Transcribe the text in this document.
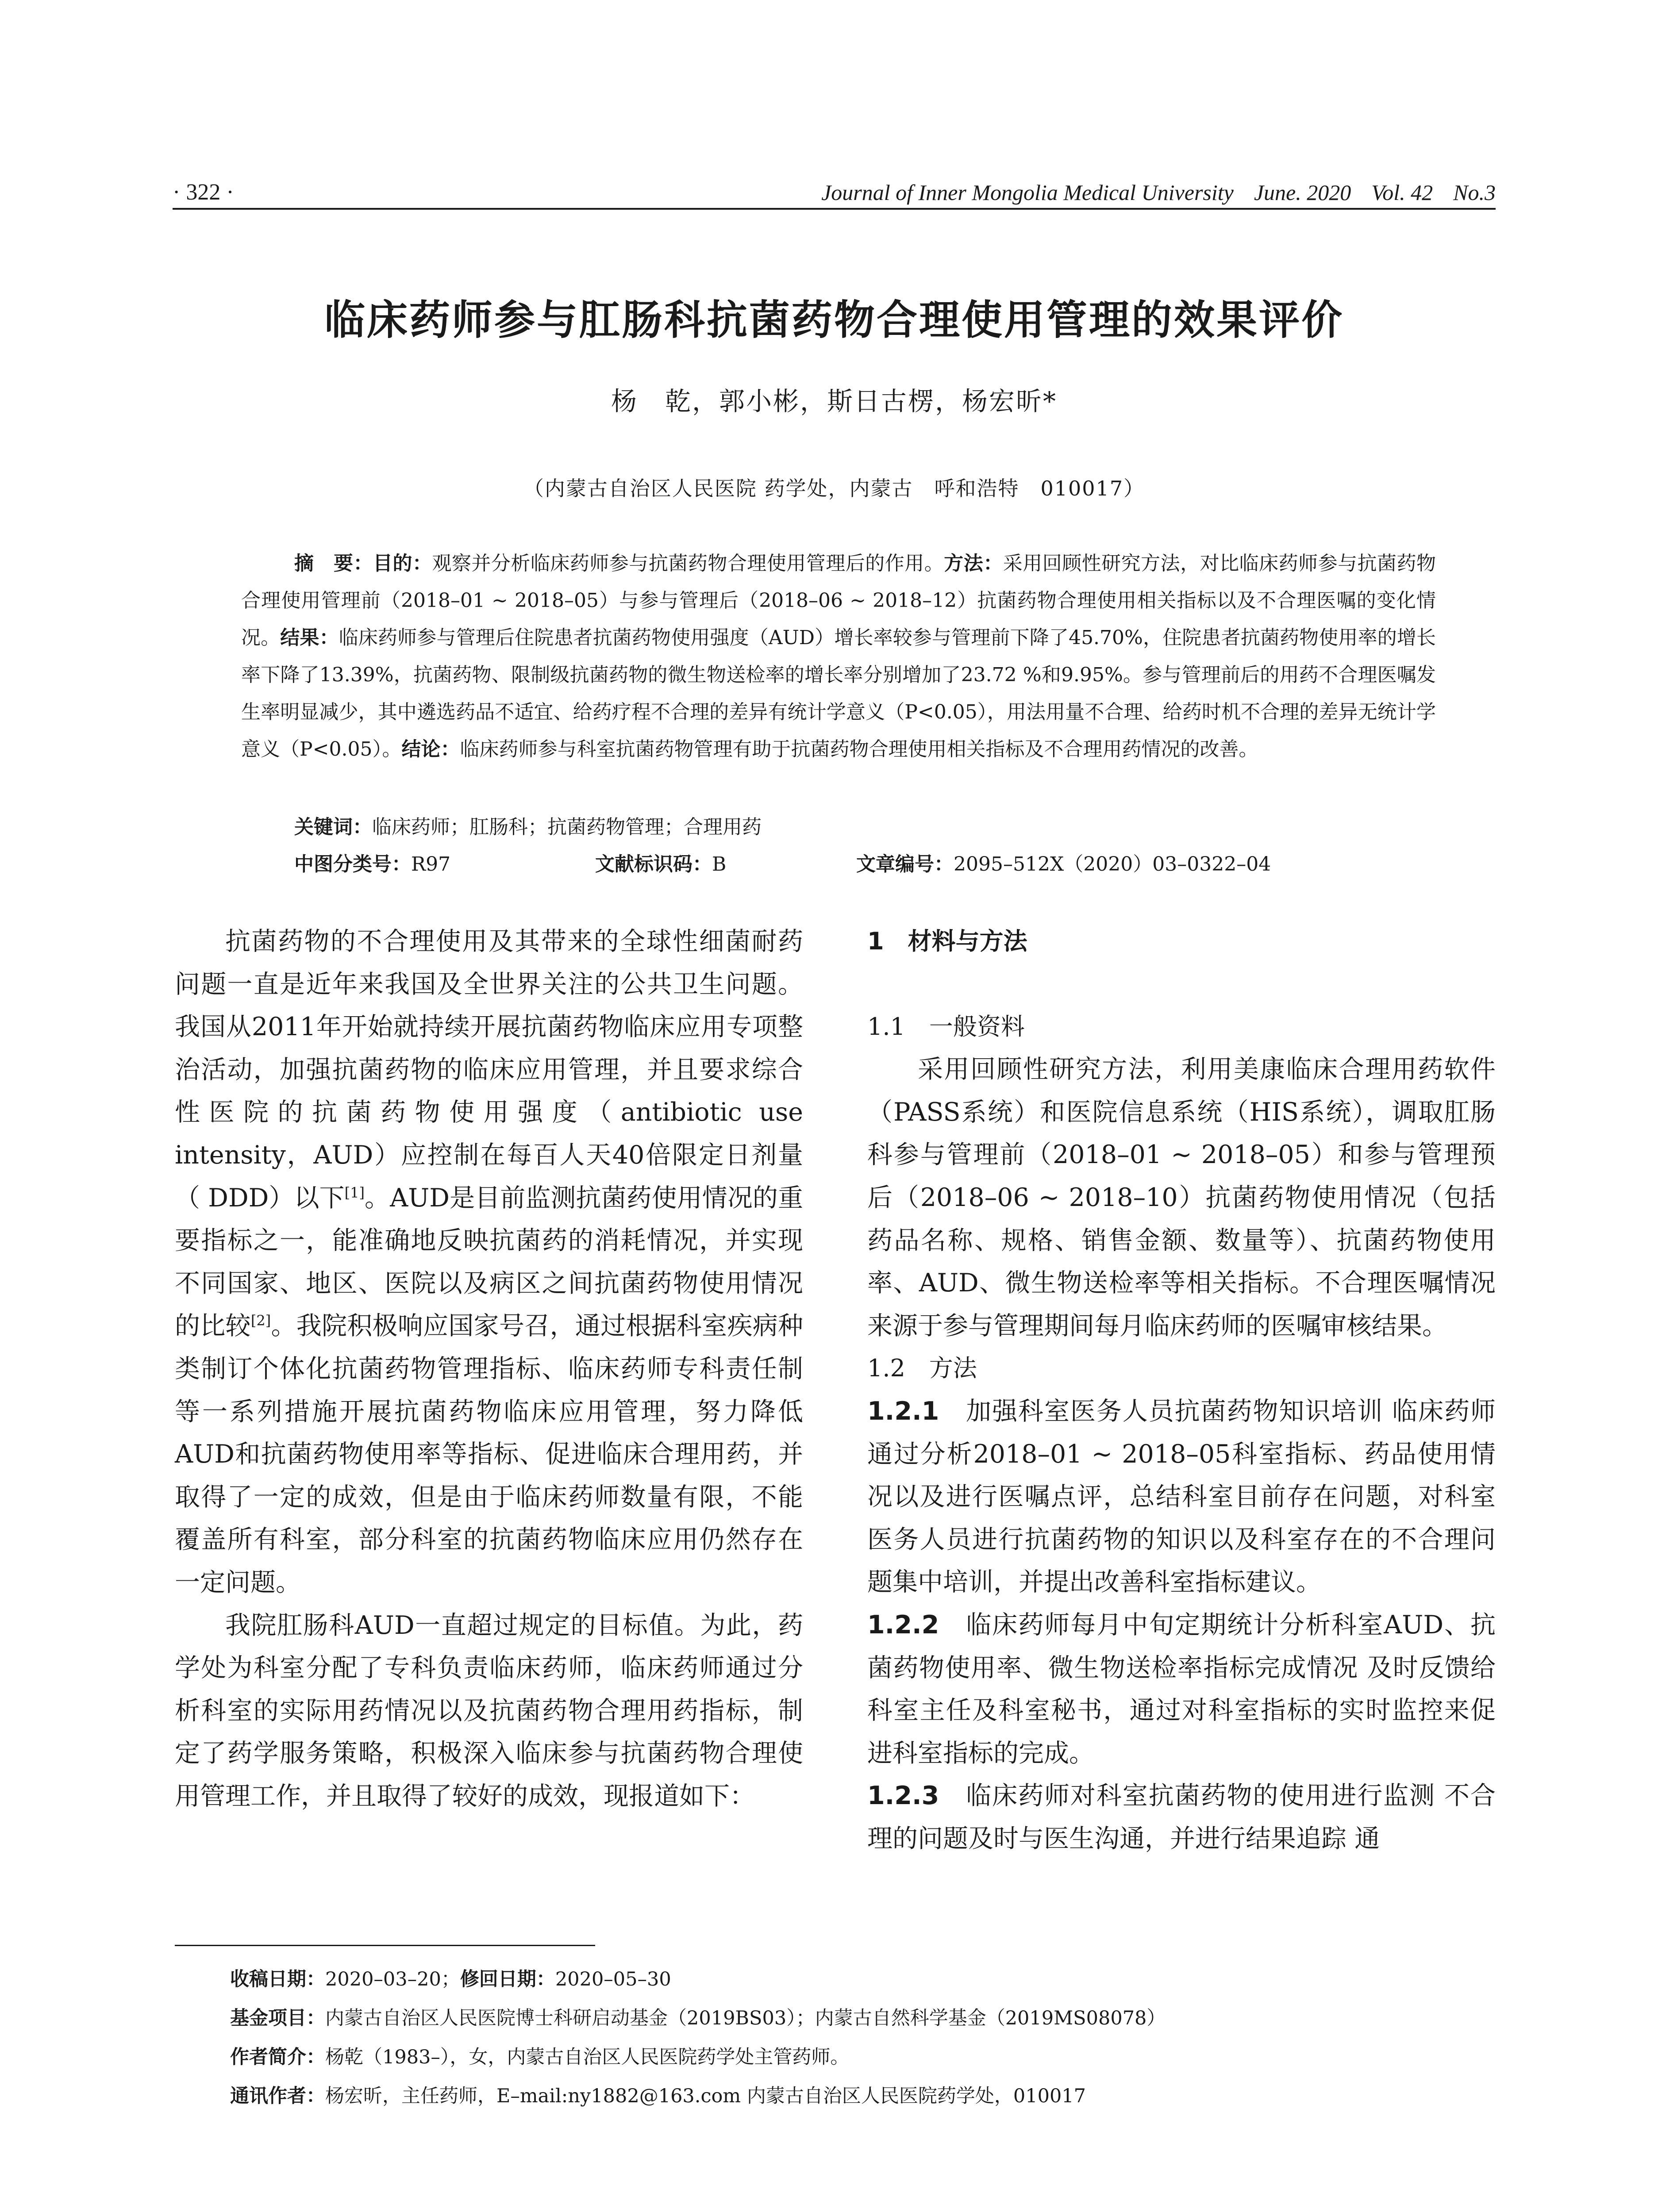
· 322 ·	Journal of Inner Mongolia Medical University June. 2020 Vol. 42 No.3
临床药师参与肛肠科抗菌药物合理使用管理的效果评价
杨　乾，郭小彬，斯日古楞，杨宏昕*
（内蒙古自治区人民医院 药学处，内蒙古　呼和浩特　010017）
摘　要：目的：观察并分析临床药师参与抗菌药物合理使用管理后的作用。方法：采用回顾性研究方法，对比临床药师参与抗菌药物合理使用管理前（2018–01 ~ 2018–05）与参与管理后（2018–06 ~ 2018–12）抗菌药物合理使用相关指标以及不合理医嘱的变化情况。结果：临床药师参与管理后住院患者抗菌药物使用强度（AUD）增长率较参与管理前下降了45.70%，住院患者抗菌药物使用率的增长率下降了13.39%，抗菌药物、限制级抗菌药物的微生物送检率的增长率分别增加了23.72 %和9.95%。参与管理前后的用药不合理医嘱发生率明显减少，其中遴选药品不适宜、给药疗程不合理的差异有统计学意义（P<0.05），用法用量不合理、给药时机不合理的差异无统计学意义（P<0.05）。结论：临床药师参与科室抗菌药物管理有助于抗菌药物合理使用相关指标及不合理用药情况的改善。
关键词：临床药师；肛肠科；抗菌药物管理；合理用药
中图分类号：R97	文献标识码：B	文章编号：2095–512X（2020）03–0322–04

抗菌药物的不合理使用及其带来的全球性细菌耐药问题一直是近年来我国及全世界关注的公共卫生问题。我国从2011年开始就持续开展抗菌药物临床应用专项整治活动，加强抗菌药物的临床应用管理，并且要求综合性医院的抗菌药物使用强度（antibiotic use intensity，AUD）应控制在每百人天40倍限定日剂量（ DDD）以下[1]。AUD是目前监测抗菌药使用情况的重要指标之一，能准确地反映抗菌药的消耗情况，并实现不同国家、地区、医院以及病区之间抗菌药物使用情况的比较[2]。我院积极响应国家号召，通过根据科室疾病种类制订个体化抗菌药物管理指标、临床药师专科责任制等一系列措施开展抗菌药物临床应用管理，努力降低AUD和抗菌药物使用率等指标、促进临床合理用药，并取得了一定的成效，但是由于临床药师数量有限，不能覆盖所有科室，部分科室的抗菌药物临床应用仍然存在一定问题。

我院肛肠科AUD一直超过规定的目标值。为此，药学处为科室分配了专科负责临床药师，临床药师通过分析科室的实际用药情况以及抗菌药物合理用药指标，制定了药学服务策略，积极深入临床参与抗菌药物合理使用管理工作，并且取得了较好的成效，现报道如下：

1　材料与方法
1.1　一般资料

采用回顾性研究方法，利用美康临床合理用药软件（PASS系统）和医院信息系统（HIS系统），调取肛肠科参与管理前（2018–01 ~ 2018–05）和参与管理预后（2018–06 ~ 2018–10）抗菌药物使用情况（包括药品名称、规格、销售金额、数量等）、抗菌药物使用率、AUD、微生物送检率等相关指标。不合理医嘱情况来源于参与管理期间每月临床药师的医嘱审核结果。

1.2　方法

1.2.1　加强科室医务人员抗菌药物知识培训 临床药师通过分析2018–01 ~ 2018–05科室指标、药品使用情况以及进行医嘱点评，总结科室目前存在问题，对科室医务人员进行抗菌药物的知识以及科室存在的不合理问题集中培训，并提出改善科室指标建议。

1.2.2　临床药师每月中旬定期统计分析科室AUD、抗菌药物使用率、微生物送检率指标完成情况 及时反馈给科室主任及科室秘书，通过对科室指标的实时监控来促进科室指标的完成。

1.2.3　临床药师对科室抗菌药物的使用进行监测 不合理的问题及时与医生沟通，并进行结果追踪 通

收稿日期：2020–03–20；修回日期：2020–05–30
基金项目：内蒙古自治区人民医院博士科研启动基金（2019BS03）；内蒙古自然科学基金（2019MS08078）
作者简介：杨乾（1983–），女，内蒙古自治区人民医院药学处主管药师。
通讯作者：杨宏昕，主任药师，E–mail:ny1882@163.com 内蒙古自治区人民医院药学处，010017
